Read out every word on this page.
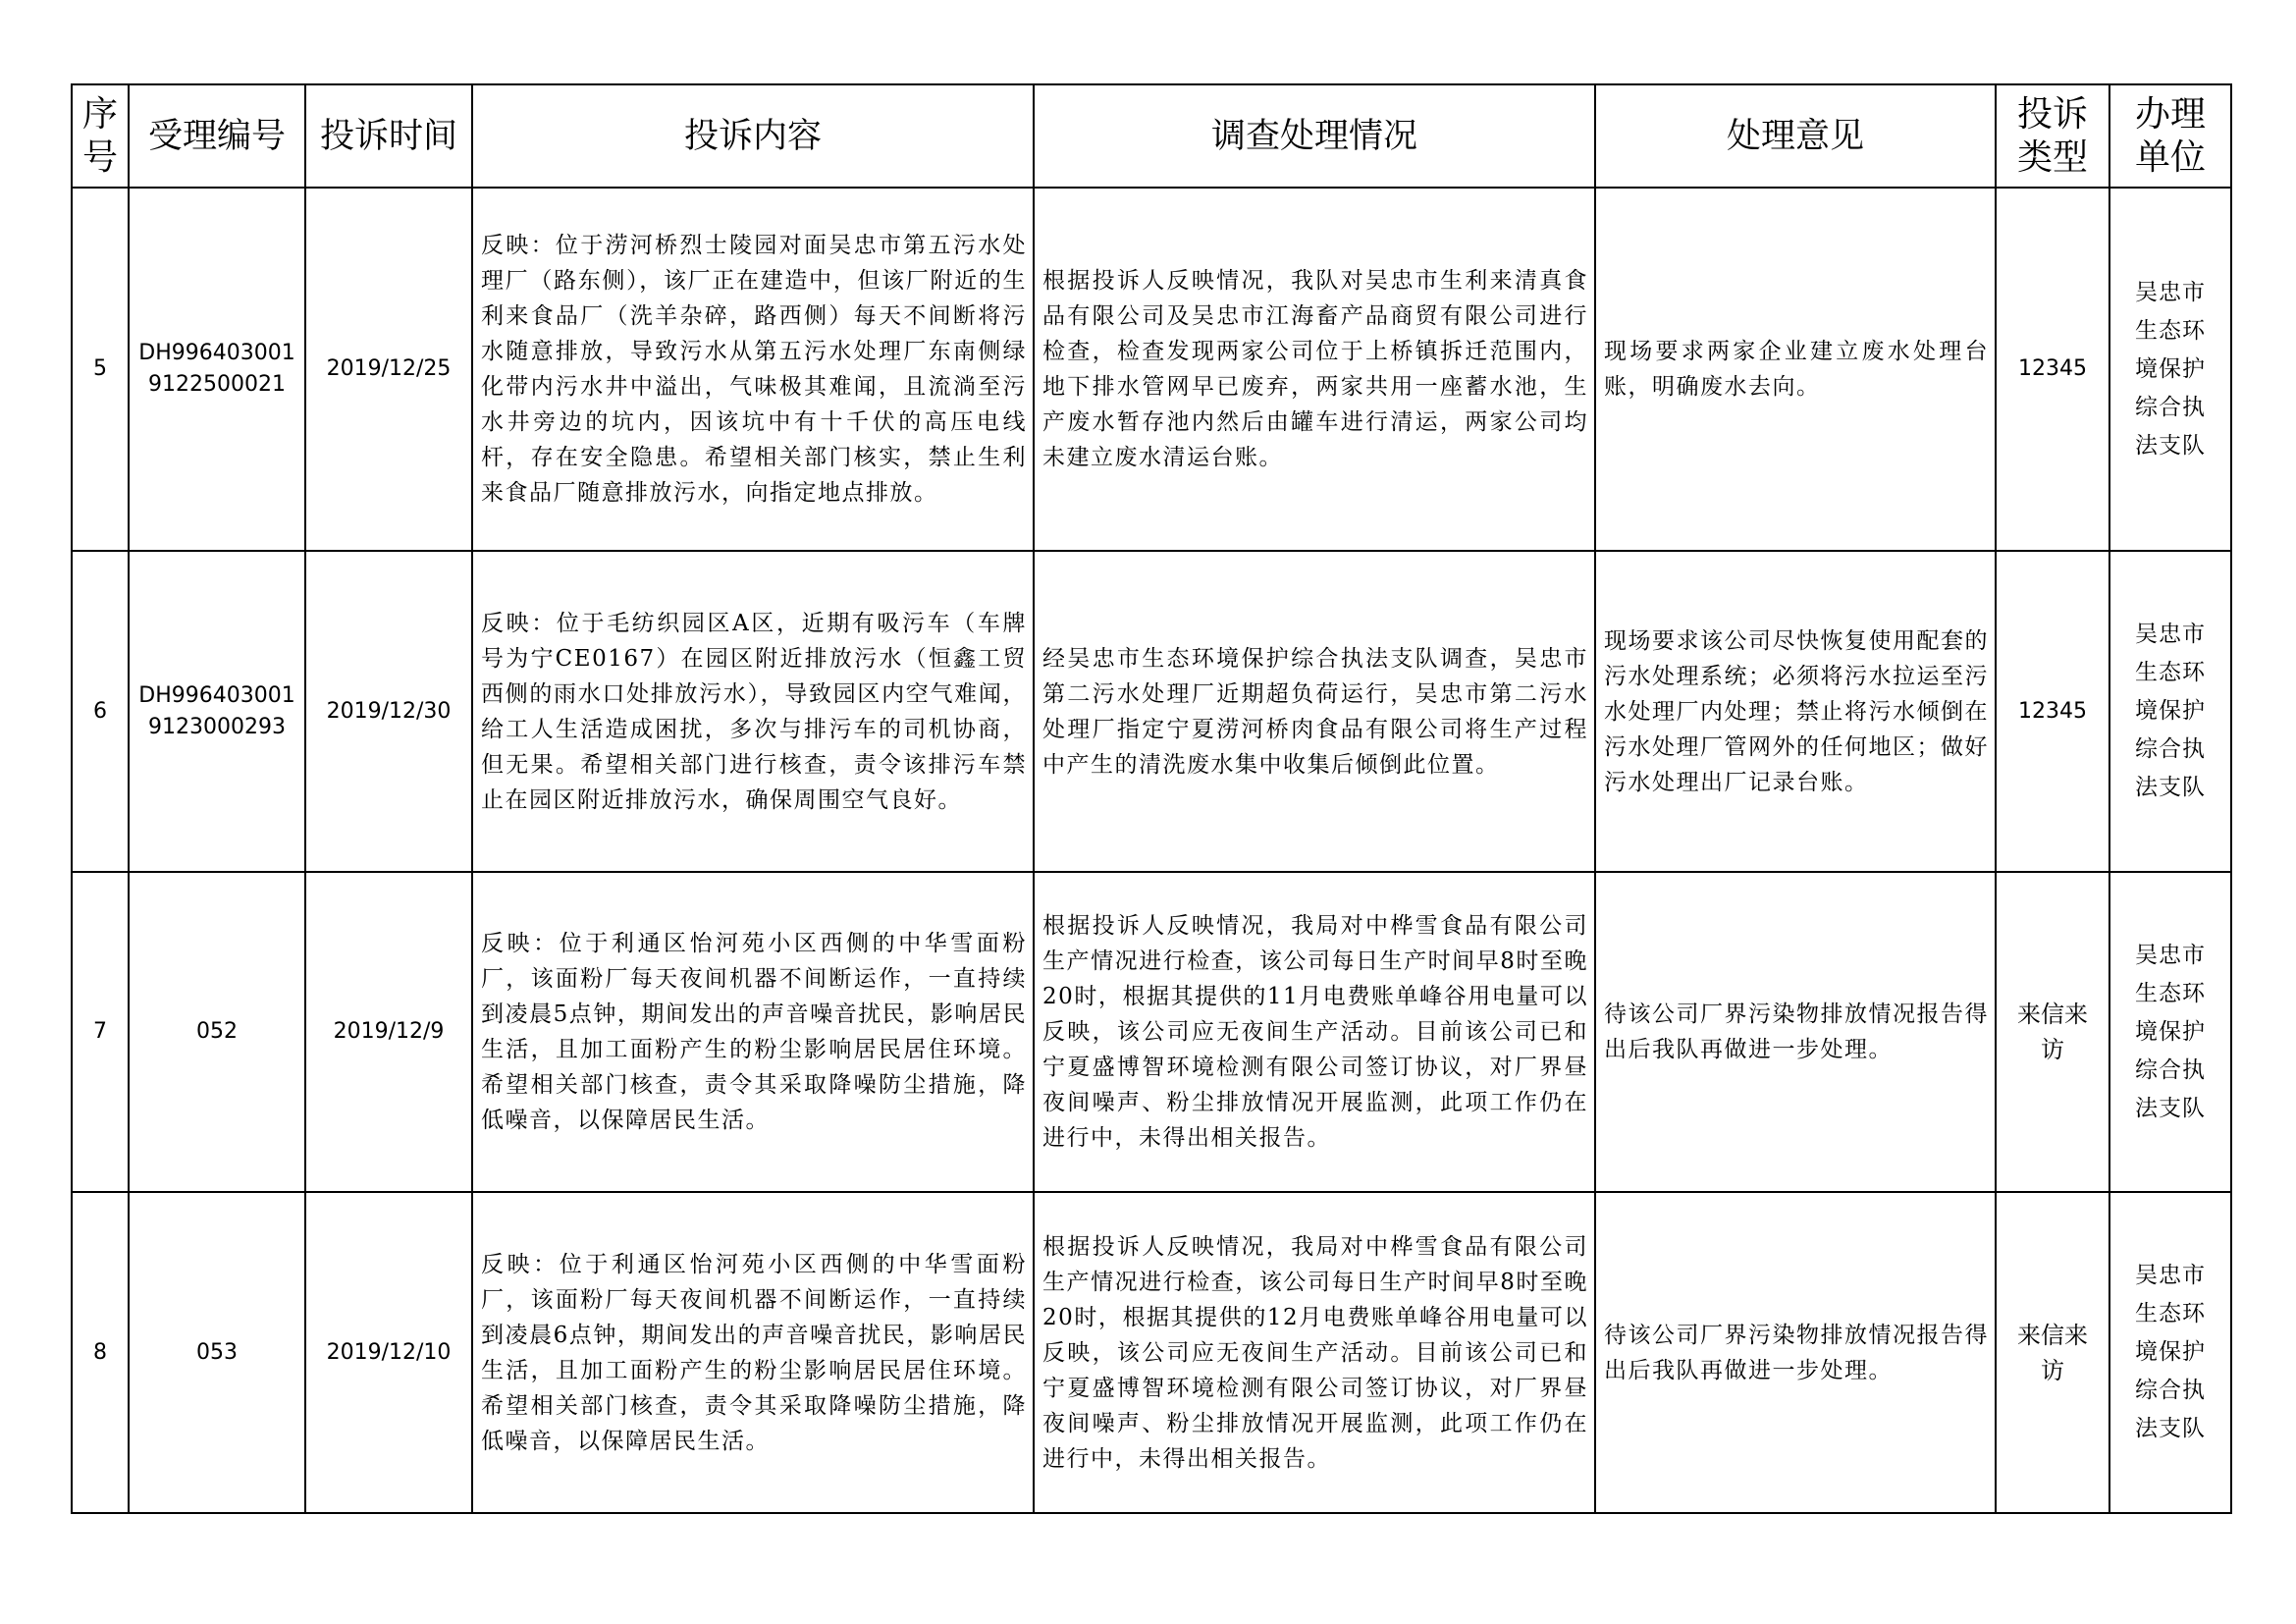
序号	受理编号	投诉时间	投诉内容	调查处理情况	处理意见	投诉类型	办理单位

5	DH9964030019122500021	2019/12/25	反映：位于涝河桥烈士陵园对面吴忠市第五污水处理厂（路东侧），该厂正在建造中，但该厂附近的生利来食品厂（洗羊杂碎，路西侧）每天不间断将污水随意排放，导致污水从第五污水处理厂东南侧绿化带内污水井中溢出，气味极其难闻，且流淌至污水井旁边的坑内，因该坑中有十千伏的高压电线杆，存在安全隐患。希望相关部门核实，禁止生利来食品厂随意排放污水，向指定地点排放。	根据投诉人反映情况，我队对吴忠市生利来清真食品有限公司及吴忠市江海畜产品商贸有限公司进行检查，检查发现两家公司位于上桥镇拆迁范围内，地下排水管网早已废弃，两家共用一座蓄水池，生产废水暂存池内然后由罐车进行清运，两家公司均未建立废水清运台账。	现场要求两家企业建立废水处理台账，明确废水去向。	12345	吴忠市生态环境保护综合执法支队
6	DH9964030019123000293	2019/12/30	反映：位于毛纺织园区A区，近期有吸污车（车牌号为宁CE0167）在园区附近排放污水（恒鑫工贸西侧的雨水口处排放污水），导致园区内空气难闻，给工人生活造成困扰，多次与排污车的司机协商，但无果。希望相关部门进行核查，责令该排污车禁止在园区附近排放污水，确保周围空气良好。	经吴忠市生态环境保护综合执法支队调查，吴忠市第二污水处理厂近期超负荷运行，吴忠市第二污水处理厂指定宁夏涝河桥肉食品有限公司将生产过程中产生的清洗废水集中收集后倾倒此位置。	现场要求该公司尽快恢复使用配套的污水处理系统；必须将污水拉运至污水处理厂内处理；禁止将污水倾倒在污水处理厂管网外的任何地区；做好污水处理出厂记录台账。	12345	吴忠市生态环境保护综合执法支队
7	052	2019/12/9	反映：位于利通区怡河苑小区西侧的中华雪面粉厂，该面粉厂每天夜间机器不间断运作，一直持续到凌晨5点钟，期间发出的声音噪音扰民，影响居民生活，且加工面粉产生的粉尘影响居民居住环境。希望相关部门核查，责令其采取降噪防尘措施，降低噪音，以保障居民生活。	根据投诉人反映情况，我局对中桦雪食品有限公司生产情况进行检查，该公司每日生产时间早8时至晚20时，根据其提供的11月电费账单峰谷用电量可以反映，该公司应无夜间生产活动。目前该公司已和宁夏盛博智环境检测有限公司签订协议，对厂界昼夜间噪声、粉尘排放情况开展监测，此项工作仍在进行中，未得出相关报告。	待该公司厂界污染物排放情况报告得出后我队再做进一步处理。	来信来访	吴忠市生态环境保护综合执法支队
8	053	2019/12/10	反映：位于利通区怡河苑小区西侧的中华雪面粉厂，该面粉厂每天夜间机器不间断运作，一直持续到凌晨6点钟，期间发出的声音噪音扰民，影响居民生活，且加工面粉产生的粉尘影响居民居住环境。希望相关部门核查，责令其采取降噪防尘措施，降低噪音，以保障居民生活。	根据投诉人反映情况，我局对中桦雪食品有限公司生产情况进行检查，该公司每日生产时间早8时至晚20时，根据其提供的12月电费账单峰谷用电量可以反映，该公司应无夜间生产活动。目前该公司已和宁夏盛博智环境检测有限公司签订协议，对厂界昼夜间噪声、粉尘排放情况开展监测，此项工作仍在进行中，未得出相关报告。	待该公司厂界污染物排放情况报告得出后我队再做进一步处理。	来信来访	吴忠市生态环境保护综合执法支队
